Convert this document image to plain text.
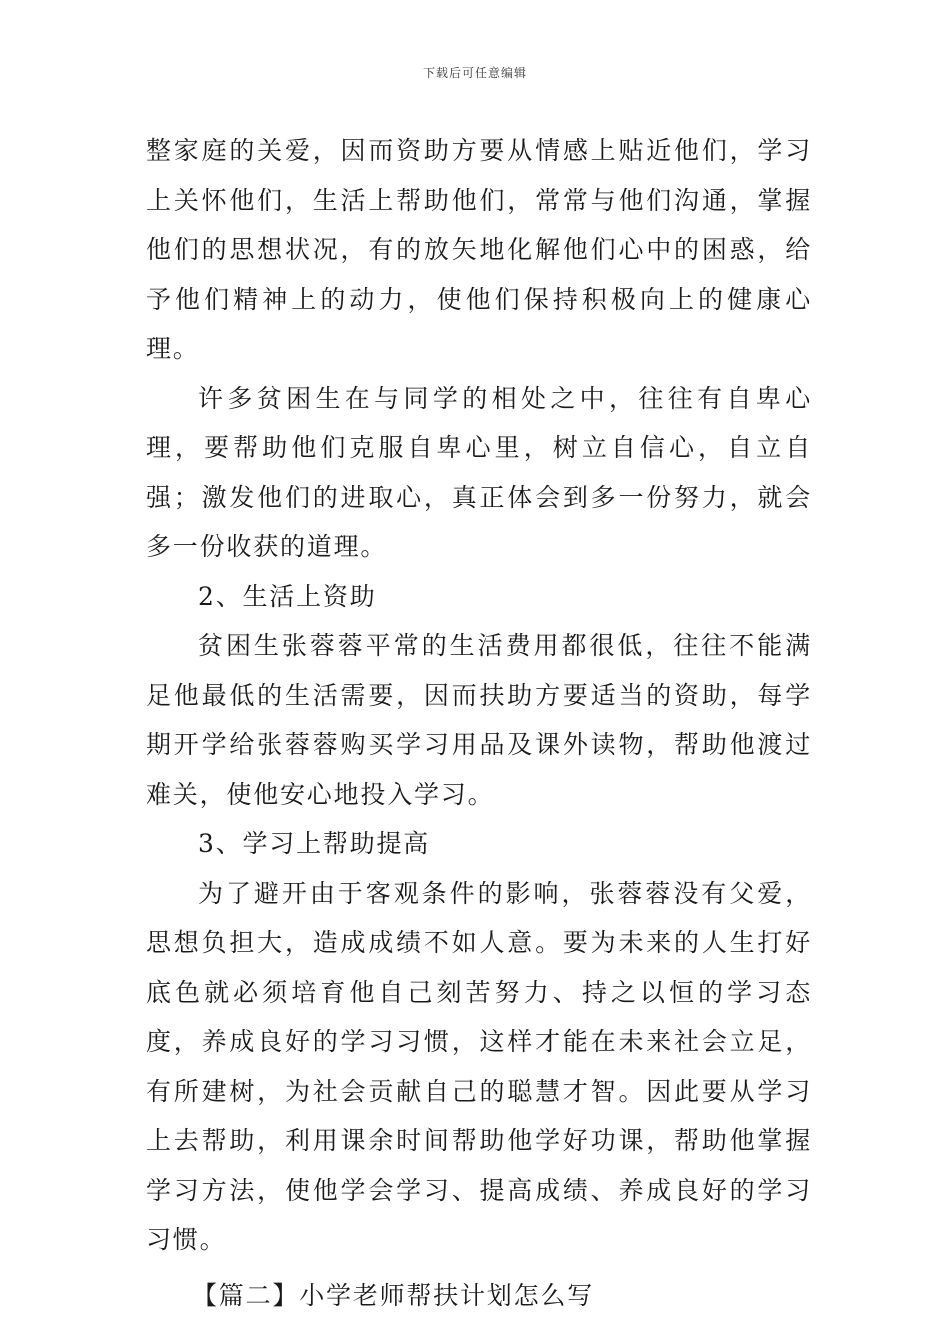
下载后可任意编辑

整家庭的关爱，因而资助方要从情感上贴近他们，学习上关怀他们，生活上帮助他们，常常与他们沟通，掌握他们的思想状况，有的放矢地化解他们心中的困惑，给予他们精神上的动力，使他们保持积极向上的健康心理。

许多贫困生在与同学的相处之中，往往有自卑心理，要帮助他们克服自卑心里，树立自信心，自立自强；激发他们的进取心，真正体会到多一份努力，就会多一份收获的道理。

2、生活上资助

贫困生张蓉蓉平常的生活费用都很低，往往不能满足他最低的生活需要，因而扶助方要适当的资助，每学期开学给张蓉蓉购买学习用品及课外读物，帮助他渡过难关，使他安心地投入学习。

3、学习上帮助提高

为了避开由于客观条件的影响，张蓉蓉没有父爱，思想负担大，造成成绩不如人意。要为未来的人生打好底色就必须培育他自己刻苦努力、持之以恒的学习态度，养成良好的学习习惯，这样才能在未来社会立足，有所建树，为社会贡献自己的聪慧才智。因此要从学习上去帮助，利用课余时间帮助他学好功课，帮助他掌握学习方法，使他学会学习、提高成绩、养成良好的学习习惯。

【篇二】小学老师帮扶计划怎么写
